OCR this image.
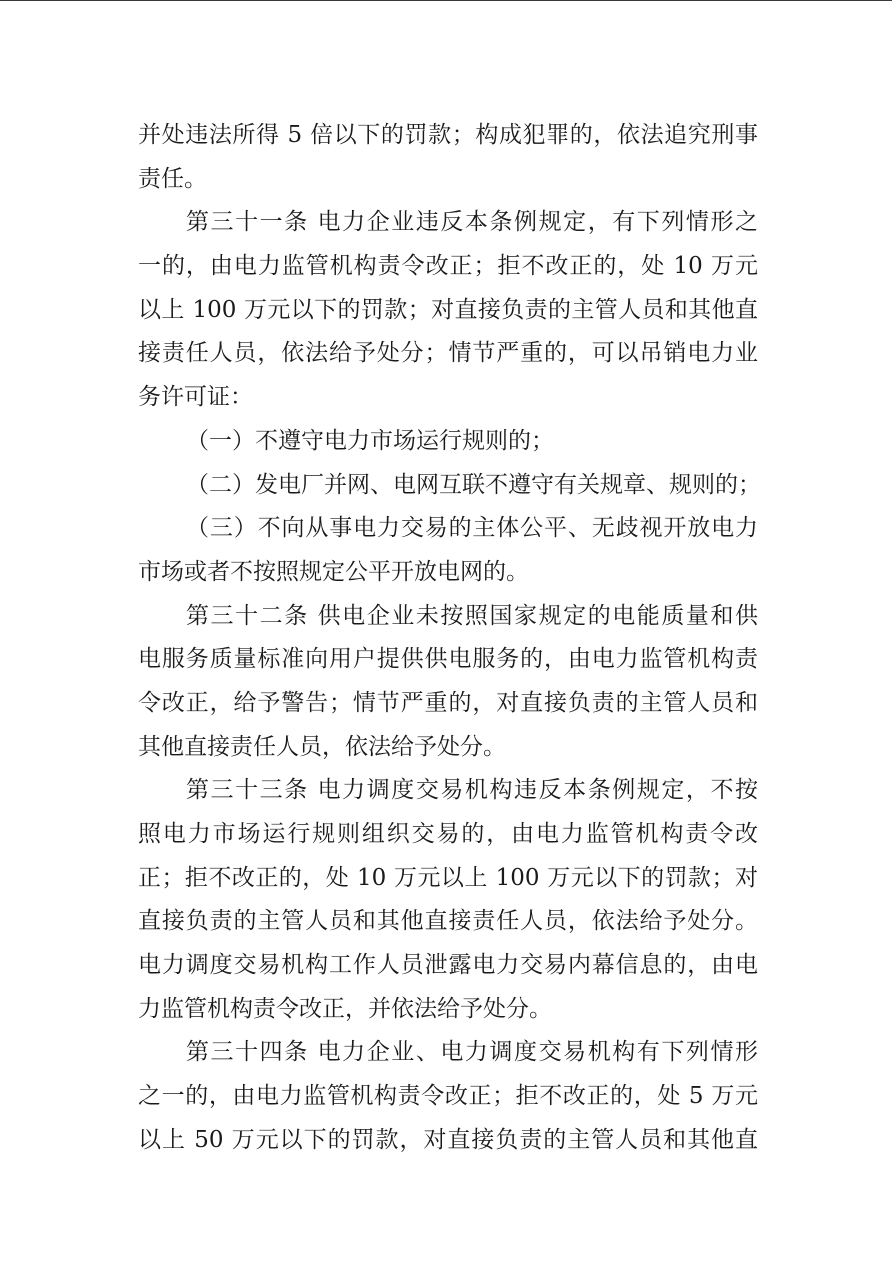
并处违法所得 5 倍以下的罚款；构成犯罪的，依法追究刑事
责任。
第三十一条 电力企业违反本条例规定，有下列情形之
一的，由电力监管机构责令改正；拒不改正的，处 10 万元
以上 100 万元以下的罚款；对直接负责的主管人员和其他直
接责任人员，依法给予处分；情节严重的，可以吊销电力业
务许可证：
（一）不遵守电力市场运行规则的；
（二）发电厂并网、电网互联不遵守有关规章、规则的；
（三）不向从事电力交易的主体公平、无歧视开放电力
市场或者不按照规定公平开放电网的。
第三十二条 供电企业未按照国家规定的电能质量和供
电服务质量标准向用户提供供电服务的，由电力监管机构责
令改正，给予警告；情节严重的，对直接负责的主管人员和
其他直接责任人员，依法给予处分。
第三十三条 电力调度交易机构违反本条例规定，不按
照电力市场运行规则组织交易的，由电力监管机构责令改
正；拒不改正的，处 10 万元以上 100 万元以下的罚款；对
直接负责的主管人员和其他直接责任人员，依法给予处分。
电力调度交易机构工作人员泄露电力交易内幕信息的，由电
力监管机构责令改正，并依法给予处分。
第三十四条 电力企业、电力调度交易机构有下列情形
之一的，由电力监管机构责令改正；拒不改正的，处 5 万元
以上 50 万元以下的罚款，对直接负责的主管人员和其他直
